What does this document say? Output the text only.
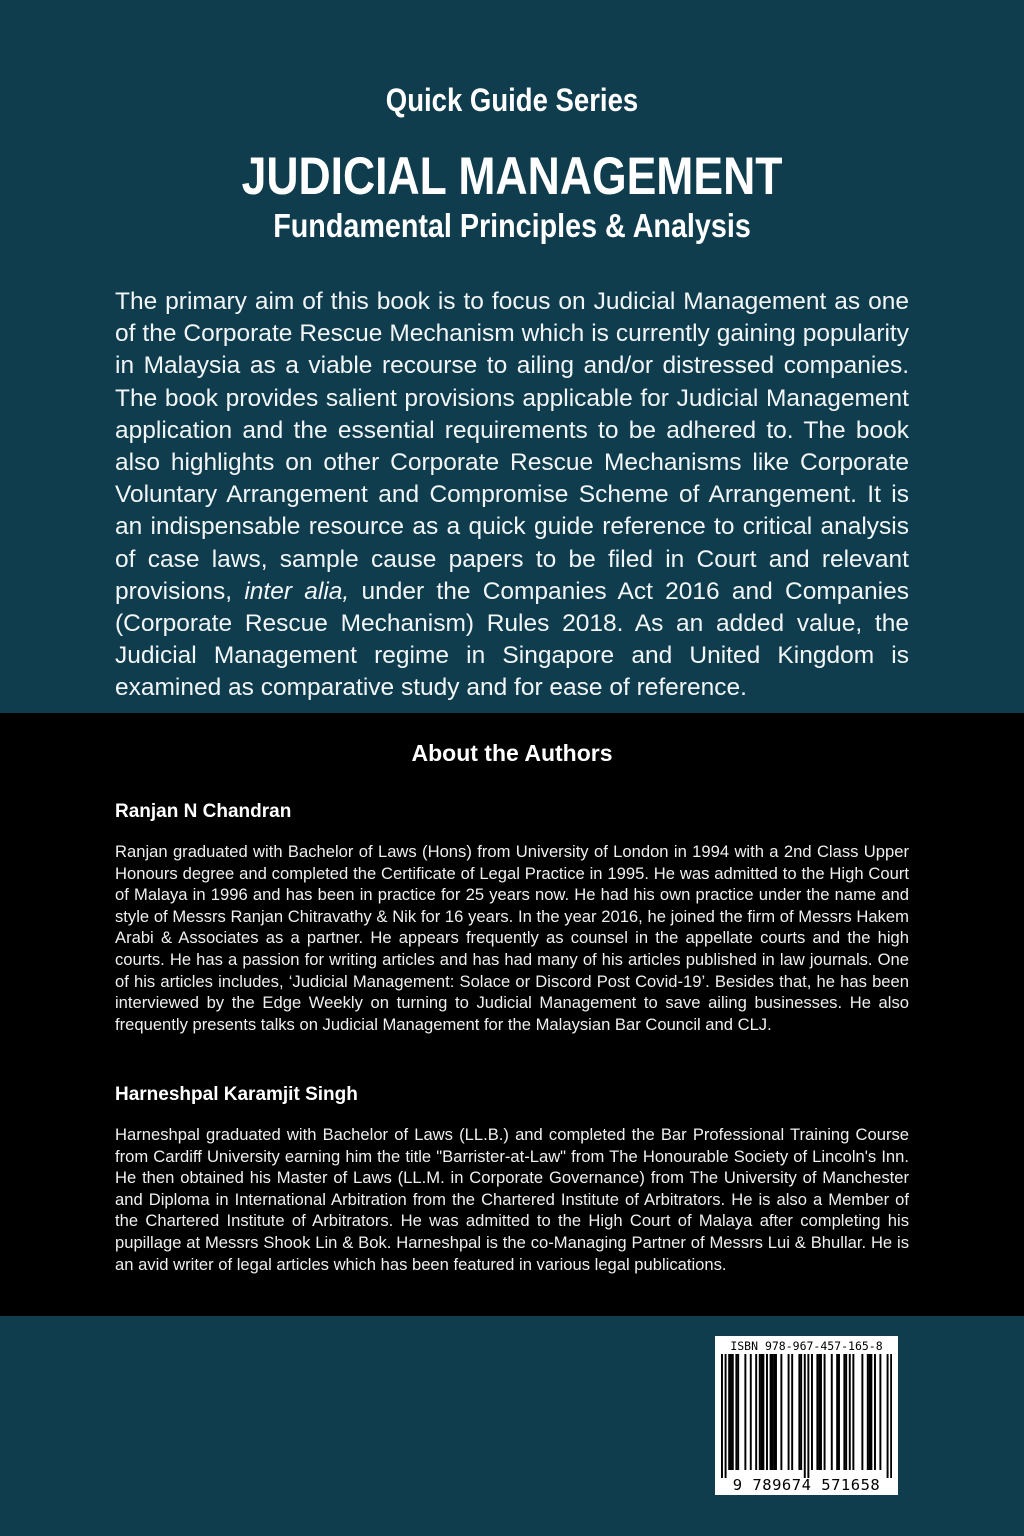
Quick Guide Series
JUDICIAL MANAGEMENT
Fundamental Principles & Analysis
The primary aim of this book is to focus on Judicial Management as one of the Corporate Rescue Mechanism which is currently gaining popularity in Malaysia as a viable recourse to ailing and/or distressed companies. The book provides salient provisions applicable for Judicial Management application and the essential requirements to be adhered to. The book also highlights on other Corporate Rescue Mechanisms like Corporate Voluntary Arrangement and Compromise Scheme of Arrangement. It is an indispensable resource as a quick guide reference to critical analysis of case laws, sample cause papers to be filed in Court and relevant provisions, inter alia, under the Companies Act 2016 and Companies (Corporate Rescue Mechanism) Rules 2018. As an added value, the Judicial Management regime in Singapore and United Kingdom is examined as comparative study and for ease of reference.
About the Authors
Ranjan N Chandran
Ranjan graduated with Bachelor of Laws (Hons) from University of London in 1994 with a 2nd Class Upper Honours degree and completed the Certificate of Legal Practice in 1995. He was admitted to the High Court of Malaya in 1996 and has been in practice for 25 years now. He had his own practice under the name and style of Messrs Ranjan Chitravathy & Nik for 16 years. In the year 2016, he joined the firm of Messrs Hakem Arabi & Associates as a partner. He appears frequently as counsel in the appellate courts and the high courts. He has a passion for writing articles and has had many of his articles published in law journals. One of his articles includes, ‘Judicial Management: Solace or Discord Post Covid-19’. Besides that, he has been interviewed by the Edge Weekly on turning to Judicial Management to save ailing businesses. He also frequently presents talks on Judicial Management for the Malaysian Bar Council and CLJ.
Harneshpal Karamjit Singh
Harneshpal graduated with Bachelor of Laws (LL.B.) and completed the Bar Professional Training Course from Cardiff University earning him the title "Barrister-at-Law" from The Honourable Society of Lincoln's Inn. He then obtained his Master of Laws (LL.M. in Corporate Governance) from The University of Manchester and Diploma in International Arbitration from the Chartered Institute of Arbitrators. He is also a Member of the Chartered Institute of Arbitrators. He was admitted to the High Court of Malaya after completing his pupillage at Messrs Shook Lin & Bok. Harneshpal is the co-Managing Partner of Messrs Lui & Bhullar. He is an avid writer of legal articles which has been featured in various legal publications.
ISBN 978-967-457-165-8
9 789674 571658
